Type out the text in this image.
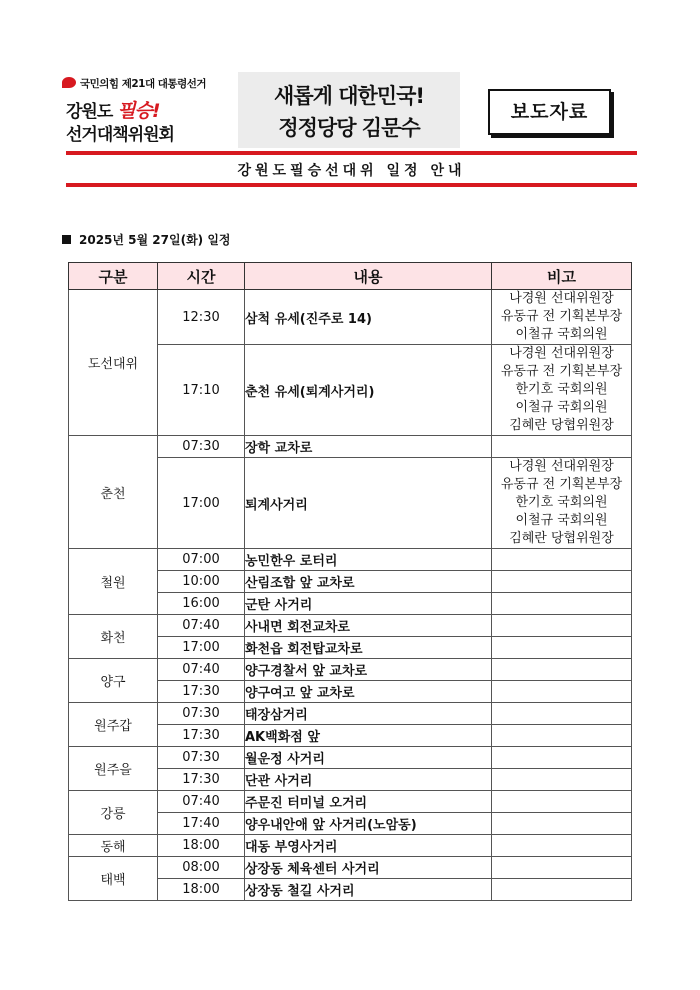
국민의힘 제21대 대통령선거
강원도 필승!
선거대책위원회
새롭게 대한민국!
정정당당 김문수
보도자료
강원도필승선대위 일정 안내
2025년 5월 27일(화) 일정
구분	시간	내용	비고
도선대위	12:30	삼척 유세(진주로 14)	나경원 선대위원장
유동규 전 기획본부장
이철규 국회의원

	17:10	춘천 유세(퇴계사거리)	나경원 선대위원장
유동규 전 기획본부장
한기호 국회의원
이철규 국회의원
김혜란 당협위원장

춘천	07:30	장학 교차로	
	17:00	퇴계사거리	나경원 선대위원장
유동규 전 기획본부장
한기호 국회의원
이철규 국회의원
김혜란 당협위원장

철원	07:00	농민한우 로터리	
	10:00	산림조합 앞 교차로	
	16:00	군탄 사거리	
화천	07:40	사내면 회전교차로	
	17:00	화천읍 회전탑교차로	
양구	07:40	양구경찰서 앞 교차로	
	17:30	양구여고 앞 교차로	
원주갑	07:30	태장삼거리	
	17:30	AK백화점 앞	
원주을	07:30	월운정 사거리	
	17:30	단관 사거리	
강릉	07:40	주문진 터미널 오거리	
	17:40	양우내안애 앞 사거리(노암동)	
동해	18:00	대동 부영사거리	
태백	08:00	상장동 체육센터 사거리	
	18:00	상장동 철길 사거리	
